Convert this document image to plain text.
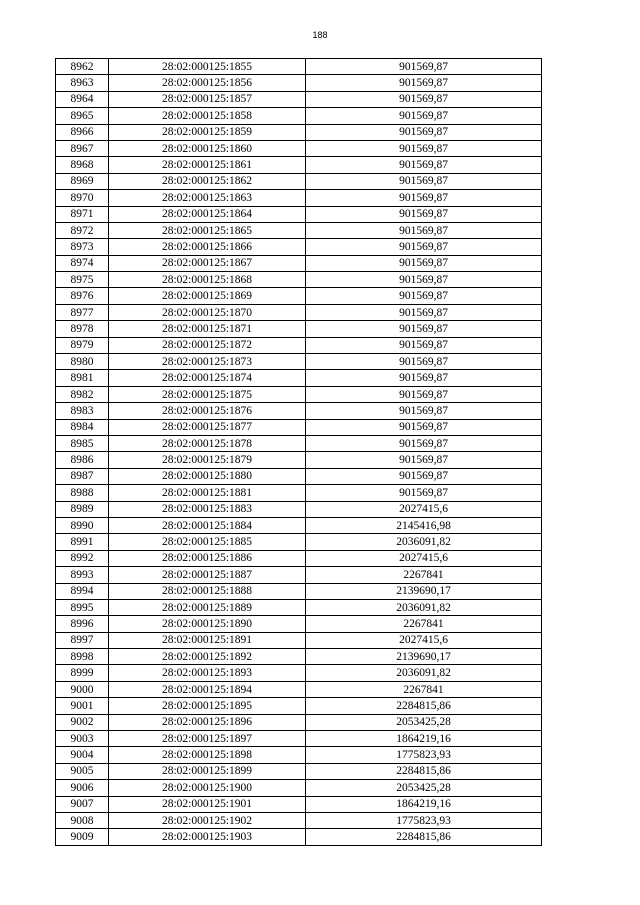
188
8962	28:02:000125:1855	901569,87
8963	28:02:000125:1856	901569,87
8964	28:02:000125:1857	901569,87
8965	28:02:000125:1858	901569,87
8966	28:02:000125:1859	901569,87
8967	28:02:000125:1860	901569,87
8968	28:02:000125:1861	901569,87
8969	28:02:000125:1862	901569,87
8970	28:02:000125:1863	901569,87
8971	28:02:000125:1864	901569,87
8972	28:02:000125:1865	901569,87
8973	28:02:000125:1866	901569,87
8974	28:02:000125:1867	901569,87
8975	28:02:000125:1868	901569,87
8976	28:02:000125:1869	901569,87
8977	28:02:000125:1870	901569,87
8978	28:02:000125:1871	901569,87
8979	28:02:000125:1872	901569,87
8980	28:02:000125:1873	901569,87
8981	28:02:000125:1874	901569,87
8982	28:02:000125:1875	901569,87
8983	28:02:000125:1876	901569,87
8984	28:02:000125:1877	901569,87
8985	28:02:000125:1878	901569,87
8986	28:02:000125:1879	901569,87
8987	28:02:000125:1880	901569,87
8988	28:02:000125:1881	901569,87
8989	28:02:000125:1883	2027415,6
8990	28:02:000125:1884	2145416,98
8991	28:02:000125:1885	2036091,82
8992	28:02:000125:1886	2027415,6
8993	28:02:000125:1887	2267841
8994	28:02:000125:1888	2139690,17
8995	28:02:000125:1889	2036091,82
8996	28:02:000125:1890	2267841
8997	28:02:000125:1891	2027415,6
8998	28:02:000125:1892	2139690,17
8999	28:02:000125:1893	2036091,82
9000	28:02:000125:1894	2267841
9001	28:02:000125:1895	2284815,86
9002	28:02:000125:1896	2053425,28
9003	28:02:000125:1897	1864219,16
9004	28:02:000125:1898	1775823,93
9005	28:02:000125:1899	2284815,86
9006	28:02:000125:1900	2053425,28
9007	28:02:000125:1901	1864219,16
9008	28:02:000125:1902	1775823,93
9009	28:02:000125:1903	2284815,86
